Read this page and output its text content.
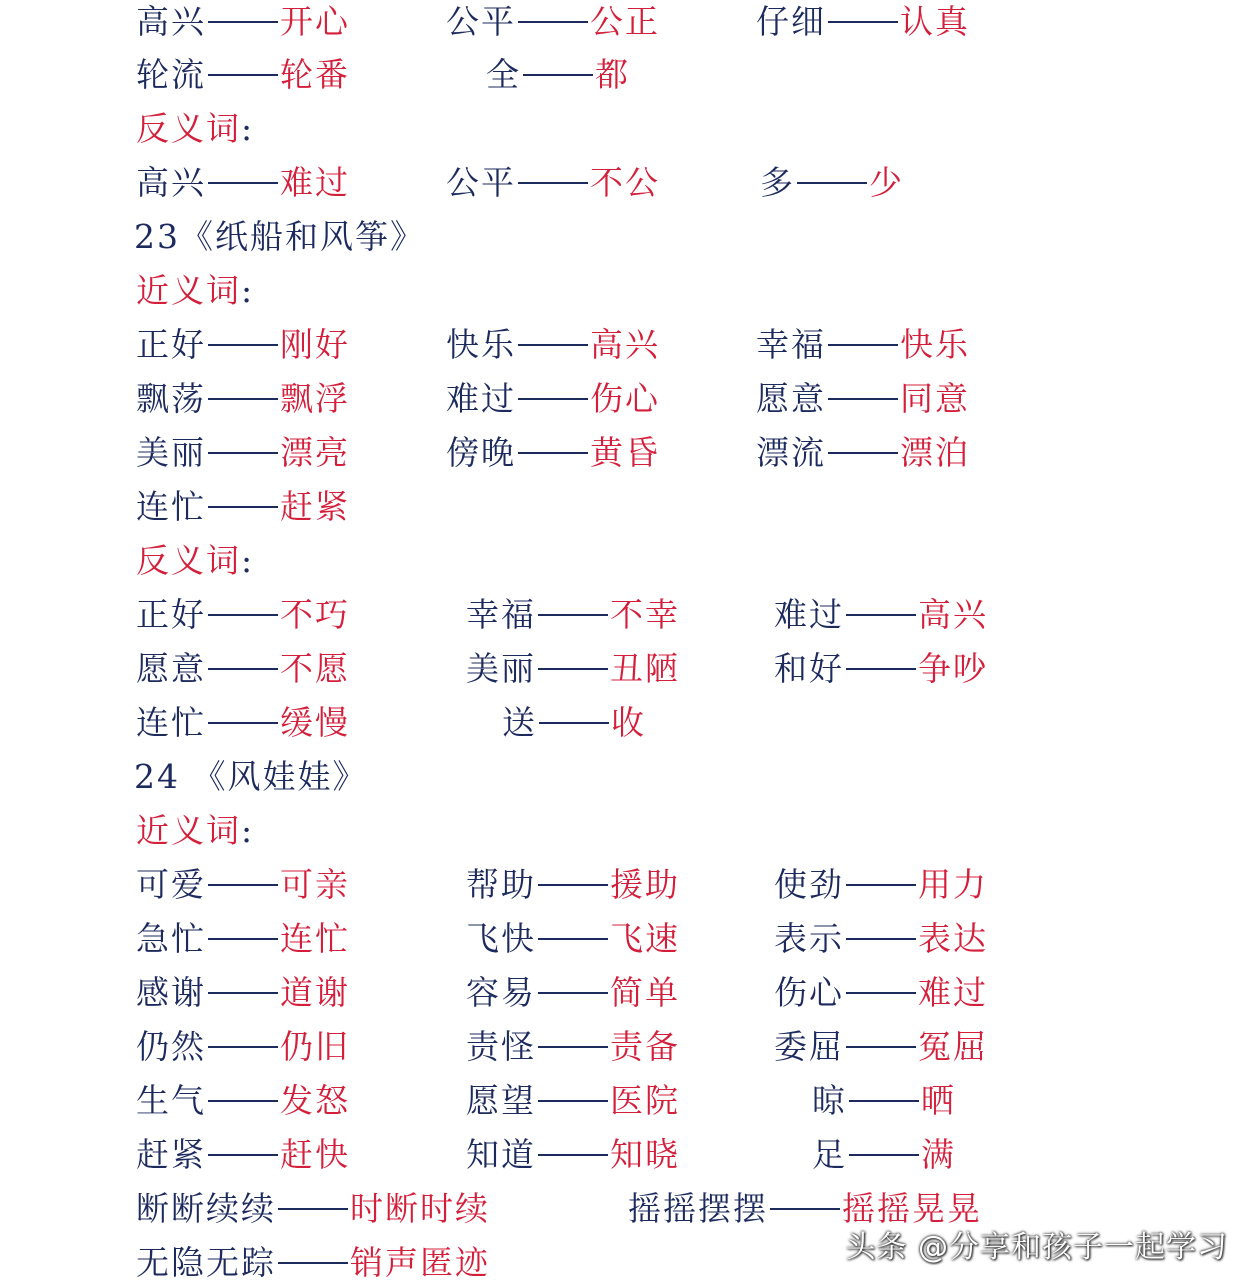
高兴 开心	公平 公正	仔细 认真
轮流 轮番	全 都
反义词:
高兴 难过	公平 不公	多 少
23《纸船和风筝》
近义词:
正好 刚好	快乐 高兴	幸福 快乐
飘荡 飘浮	难过 伤心	愿意 同意
美丽 漂亮	傍晚 黄昏	漂流 漂泊
连忙 赶紧
反义词:
正好 不巧	幸福 不幸	难过 高兴
愿意 不愿	美丽 丑陋	和好 争吵
连忙 缓慢	送 收
24 《风娃娃》
近义词:
可爱 可亲	帮助 援助	使劲 用力
急忙 连忙	飞快 飞速	表示 表达
感谢 道谢	容易 简单	伤心 难过
仍然 仍旧	责怪 责备	委屈 冤屈
生气 发怒	愿望 医院	晾 晒
赶紧 赶快	知道 知晓	足 满
断断续续 时断时续	摇摇摆摆 摇摇晃晃
无隐无踪 销声匿迹	头条 @分享和孩子一起学习
